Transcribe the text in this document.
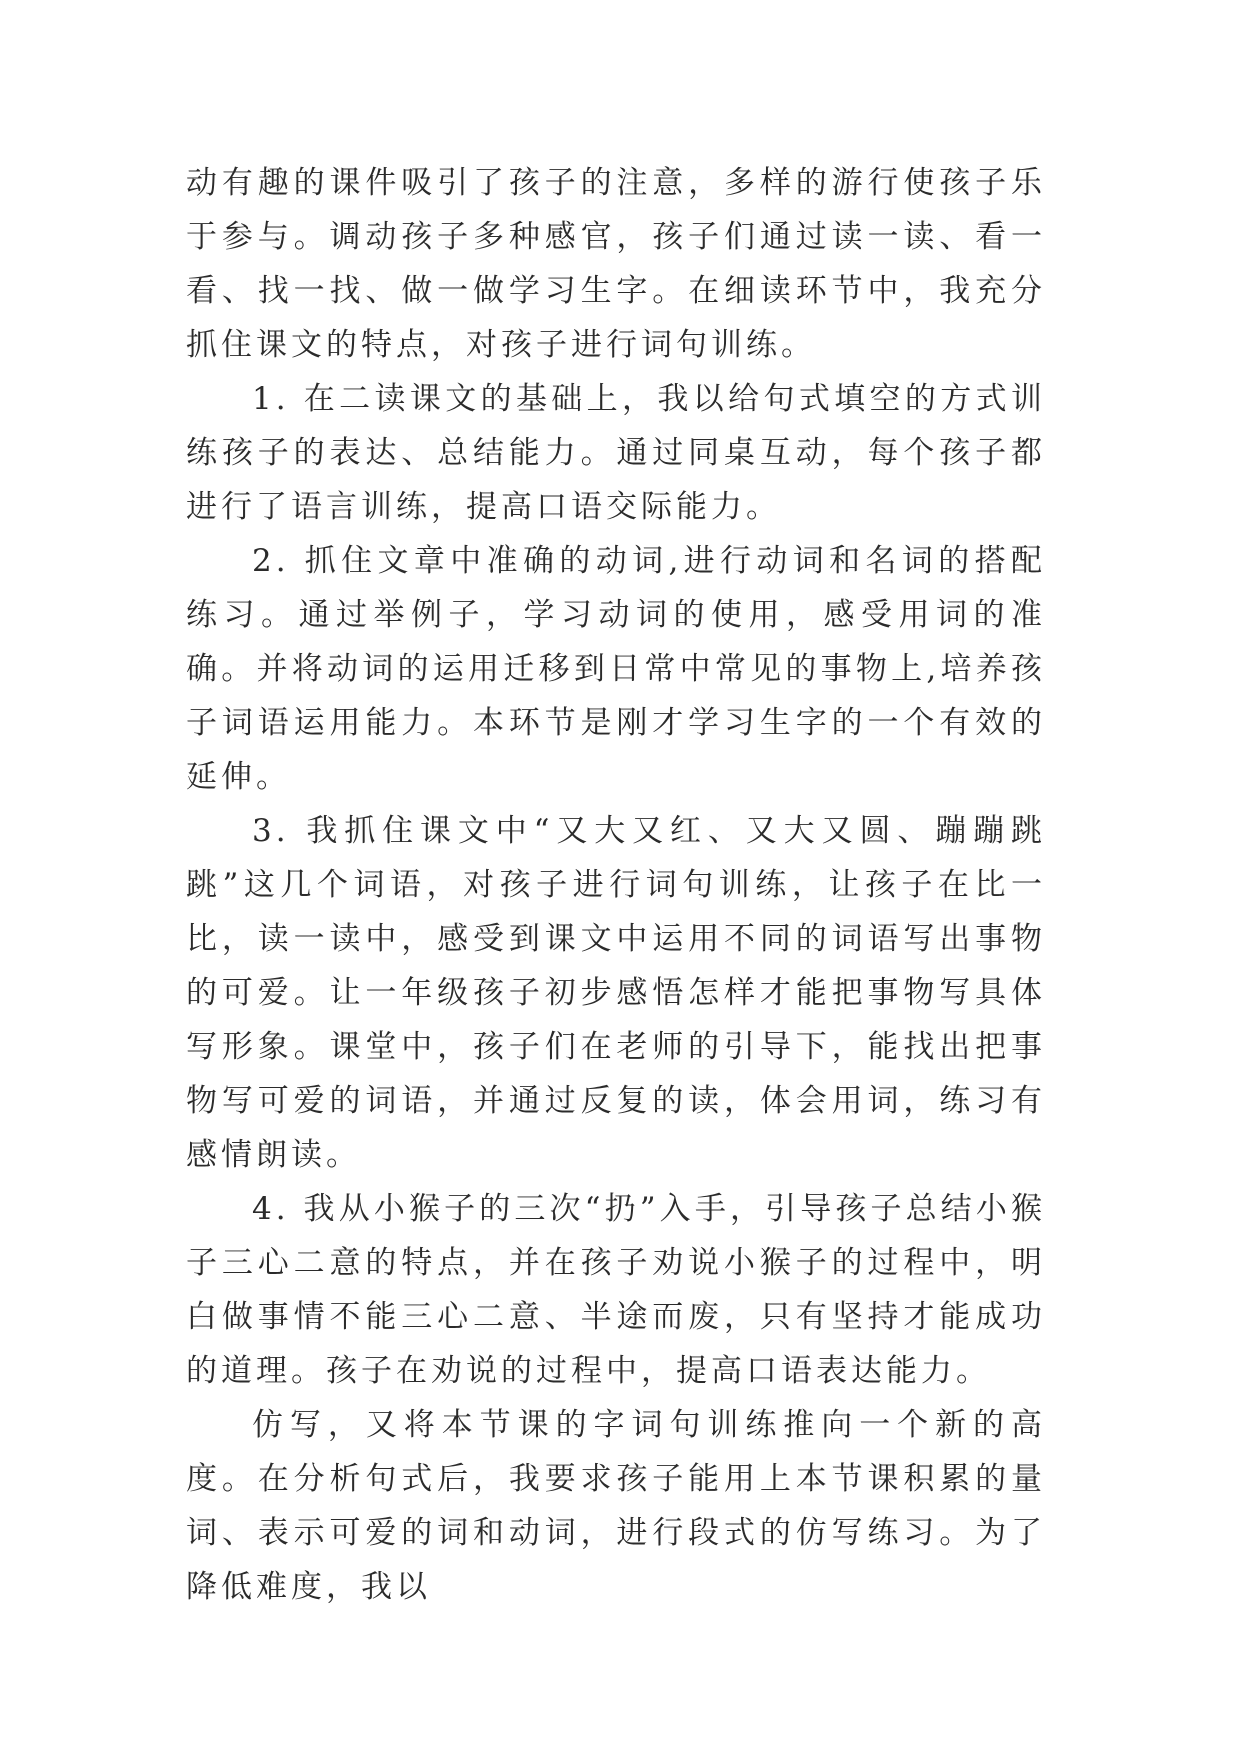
动有趣的课件吸引了孩子的注意，多样的游行使孩子乐于参与。调动孩子多种感官，孩子们通过读一读、看一看、找一找、做一做学习生字。在细读环节中，我充分抓住课文的特点，对孩子进行词句训练。

1. 在二读课文的基础上，我以给句式填空的方式训练孩子的表达、总结能力。通过同桌互动，每个孩子都进行了语言训练，提高口语交际能力。

2. 抓住文章中准确的动词,进行动词和名词的搭配练习。通过举例子，学习动词的使用，感受用词的准确。并将动词的运用迁移到日常中常见的事物上,培养孩子词语运用能力。本环节是刚才学习生字的一个有效的延伸。

3. 我抓住课文中“又大又红、又大又圆、蹦蹦跳跳”这几个词语，对孩子进行词句训练，让孩子在比一比，读一读中，感受到课文中运用不同的词语写出事物的可爱。让一年级孩子初步感悟怎样才能把事物写具体写形象。课堂中，孩子们在老师的引导下，能找出把事物写可爱的词语，并通过反复的读，体会用词，练习有感情朗读。

4. 我从小猴子的三次“扔”入手，引导孩子总结小猴子三心二意的特点，并在孩子劝说小猴子的过程中，明白做事情不能三心二意、半途而废，只有坚持才能成功的道理。孩子在劝说的过程中，提高口语表达能力。

仿写，又将本节课的字词句训练推向一个新的高度。在分析句式后，我要求孩子能用上本节课积累的量词、表示可爱的词和动词，进行段式的仿写练习。为了降低难度，我以
